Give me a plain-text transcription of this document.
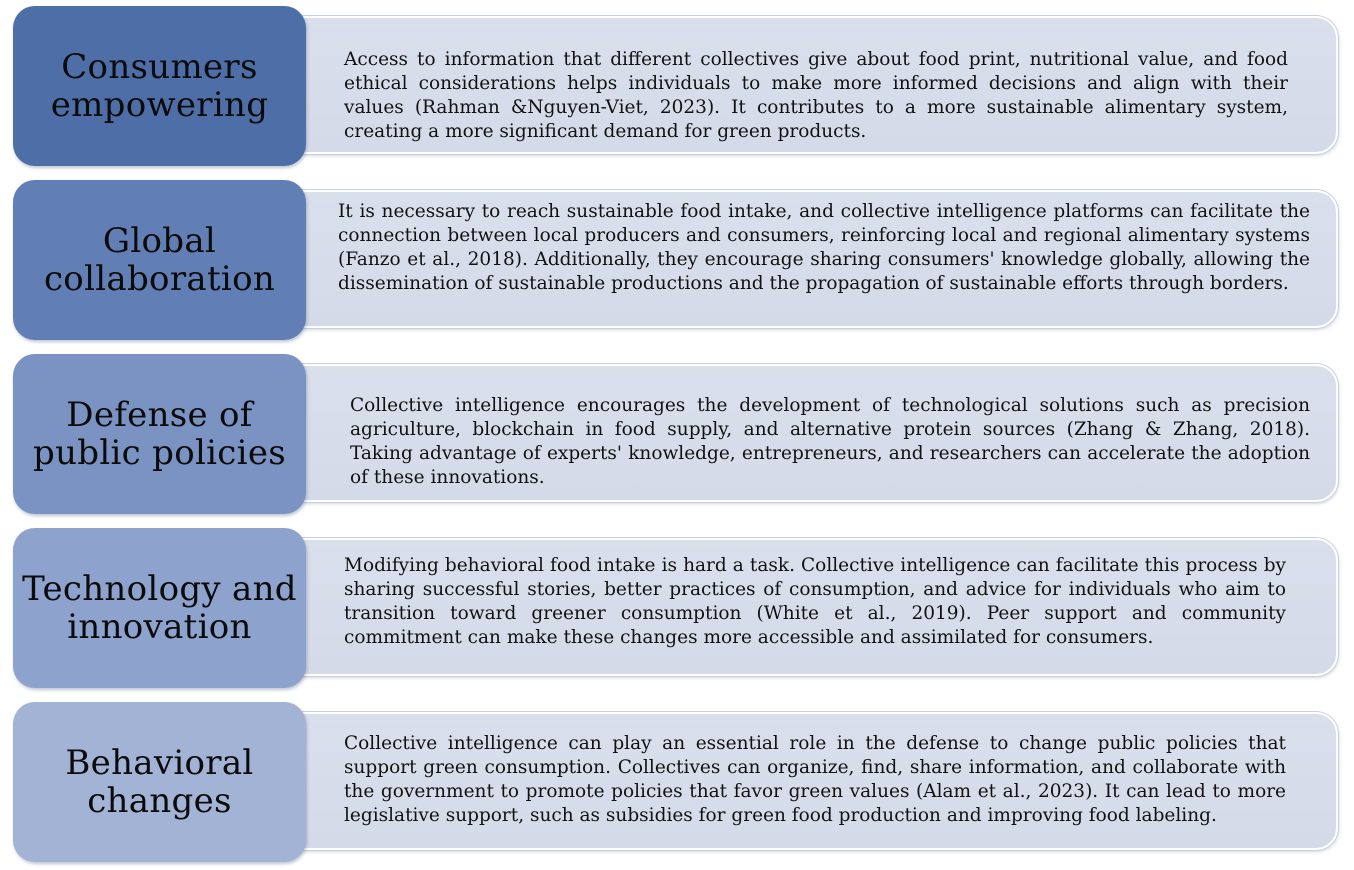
Consumers
empowering
Access to information that different collectives give about food print, nutritional value, and food ethical considerations helps individuals to make more informed decisions and align with their values (Rahman &Nguyen-Viet, 2023). It contributes to a more sustainable alimentary system, creating a more significant demand for green products.
Global
collaboration
It is necessary to reach sustainable food intake, and collective intelligence platforms can facilitate the connection between local producers and consumers, reinforcing local and regional alimentary systems (Fanzo et al., 2018). Additionally, they encourage sharing consumers' knowledge globally, allowing the dissemination of sustainable productions and the propagation of sustainable efforts through borders.
Defense of
public policies
Collective intelligence encourages the development of technological solutions such as precision agriculture, blockchain in food supply, and alternative protein sources (Zhang & Zhang, 2018). Taking advantage of experts' knowledge, entrepreneurs, and researchers can accelerate the adoption of these innovations.
Technology and
innovation
Modifying behavioral food intake is hard a task. Collective intelligence can facilitate this process by sharing successful stories, better practices of consumption, and advice for individuals who aim to transition toward greener consumption (White et al., 2019). Peer support and community commitment can make these changes more accessible and assimilated for consumers.
Behavioral
changes
Collective intelligence can play an essential role in the defense to change public policies that support green consumption. Collectives can organize, find, share information, and collaborate with the government to promote policies that favor green values (Alam et al., 2023). It can lead to more legislative support, such as subsidies for green food production and improving food labeling.
